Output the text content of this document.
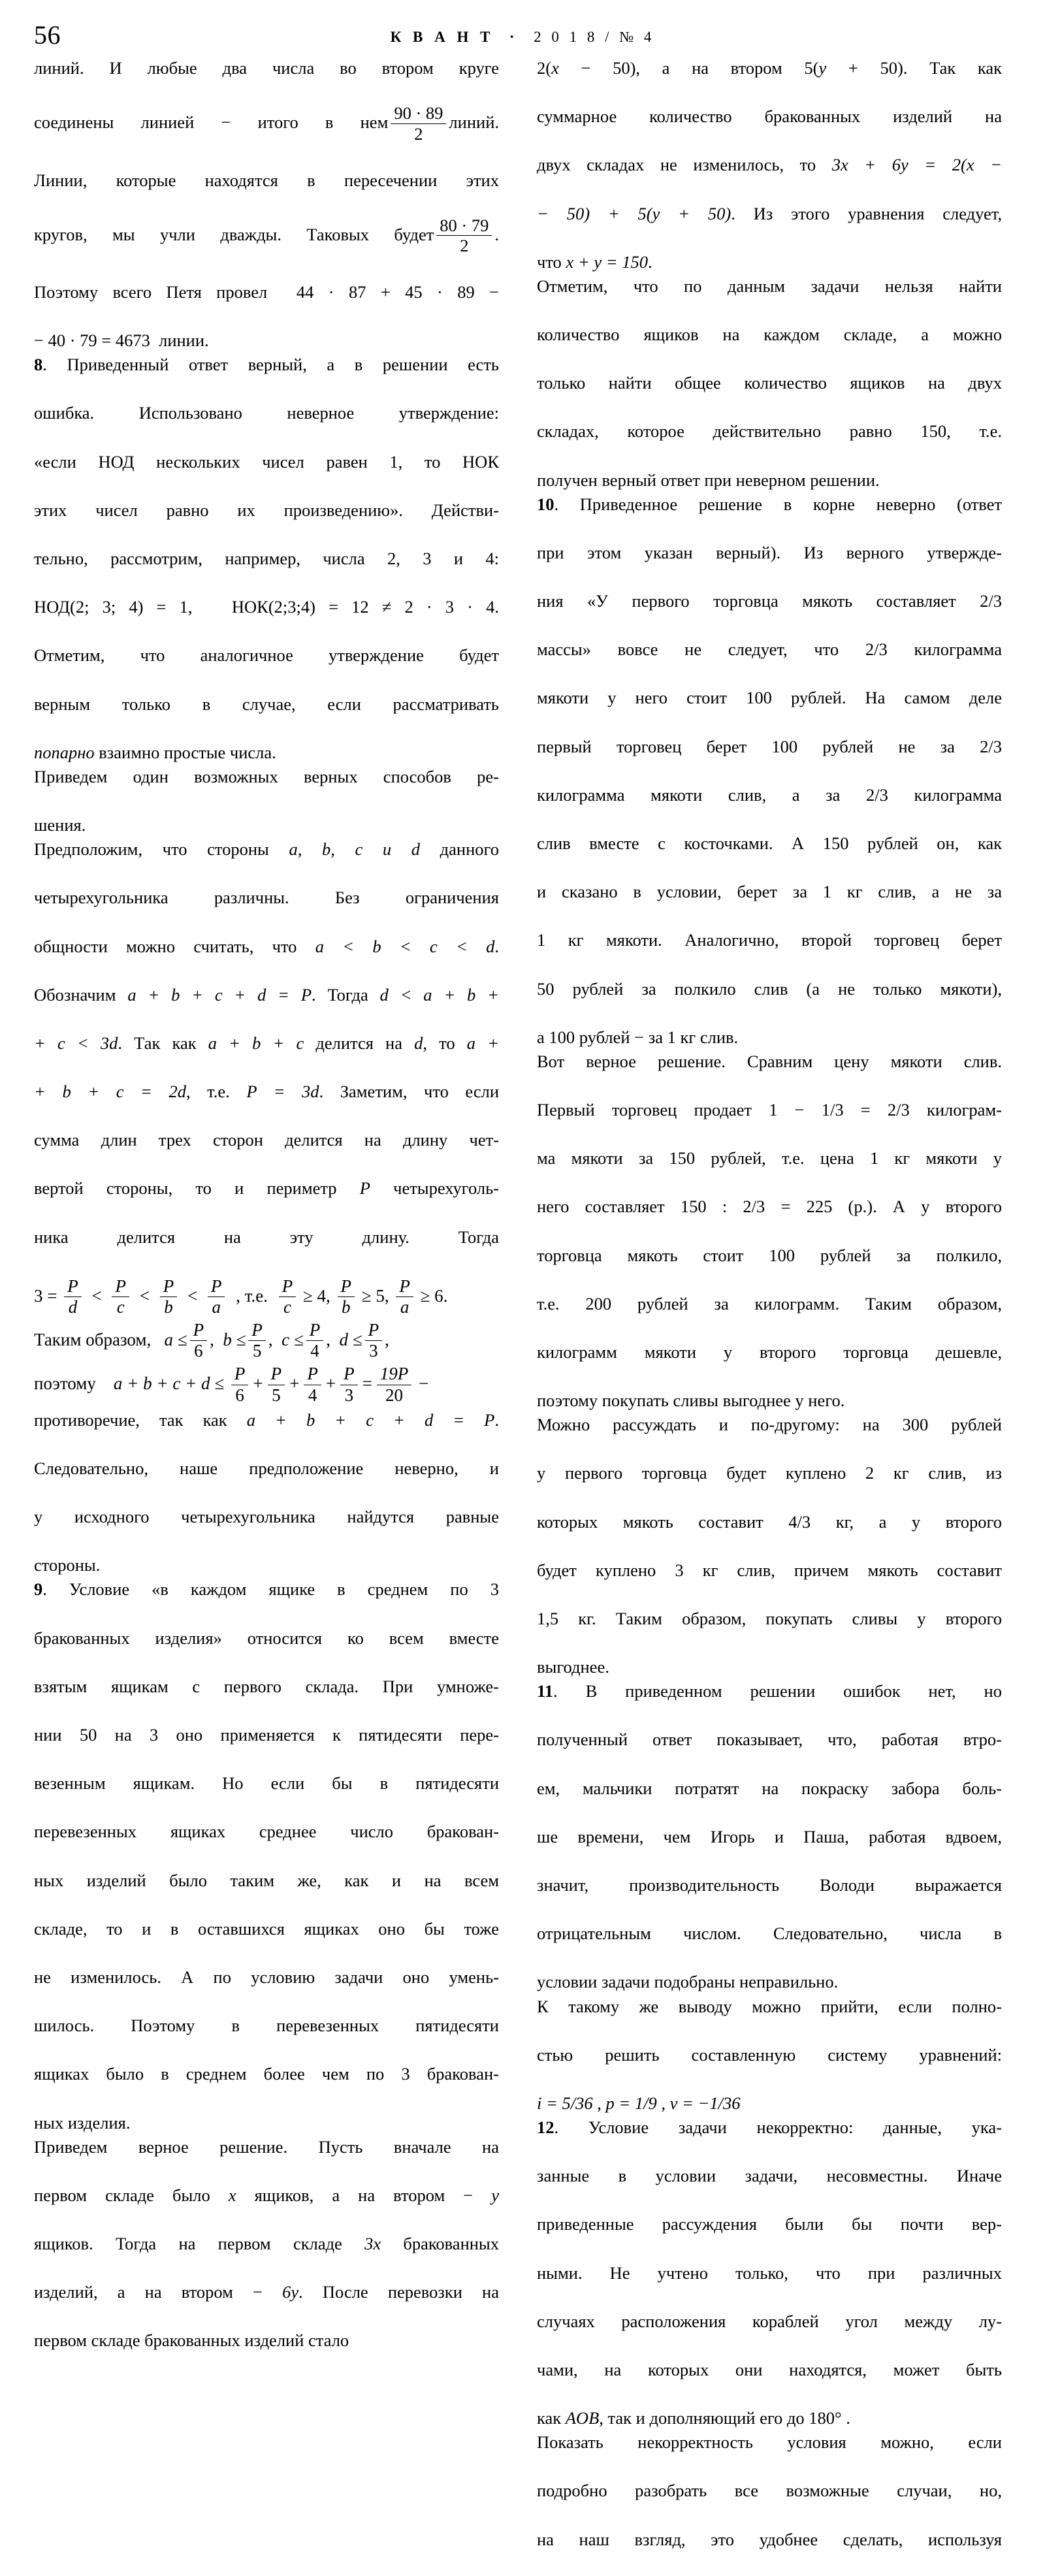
56	К В А Н Т  ·  2 0 1 8 / № 4

линий. И любые два числа во втором круге
соединены линией − итого в нем $\frac{90 \cdot 89}{2}$ линий.
Линии, которые находятся в пересечении этих
кругов, мы учли дважды. Таковых будет $\frac{80 \cdot 79}{2}$ .
Поэтому всего Петя провел 44 · 87 + 45 · 89 −
− 40 · 79 = 4673 линии.

8. Приведенный ответ верный, а в решении есть
ошибка. Использовано неверное утверждение:
«если НОД нескольких чисел равен 1, то НОК
этих чисел равно их произведению». Действи-
тельно, рассмотрим, например, числа 2, 3 и 4:
НОД(2; 3; 4) = 1, НОК(2;3;4) = 12 ≠ 2 · 3 · 4.
Отметим, что аналогичное утверждение будет
верным только в случае, если рассматривать
попарно взаимно простые числа.

Приведем один возможных верных способов ре-
шения.

Предположим, что стороны a, b, c и d данного
четырехугольника различны. Без ограничения
общности можно считать, что a < b < c < d.
Обозначим a + b + c + d = P. Тогда d < a + b +
+ c < 3d. Так как a + b + c делится на d, то a +
+ b + c = 2d, т.е. P = 3d. Заметим, что если
сумма длин трех сторон делится на длину чет-
вертой стороны, то и периметр P четырехуголь-
ника делится на эту длину. Тогда

$3 = \frac{P}{d} < \frac{P}{c} < \frac{P}{b} < \frac{P}{a}$ , т.е. $\frac{P}{c} \ge 4$, $\frac{P}{b} \ge 5$, $\frac{P}{a} \ge 6$.
Таким образом, $a \le \frac{P}{6}$ , $b \le \frac{P}{5}$ , $c \le \frac{P}{4}$ , $d \le \frac{P}{3}$ ,
поэтому $a + b + c + d \le \frac{P}{6} + \frac{P}{5} + \frac{P}{4} + \frac{P}{3} = \frac{19P}{20}$ −

противоречие, так как a + b + c + d = P.
Следовательно, наше предположение неверно, и
у исходного четырехугольника найдутся равные
стороны.

9. Условие «в каждом ящике в среднем по 3
бракованных изделия» относится ко всем вместе
взятым ящикам с первого склада. При умноже-
нии 50 на 3 оно применяется к пятидесяти пере-
везенным ящикам. Но если бы в пятидесяти
перевезенных ящиках среднее число бракован-
ных изделий было таким же, как и на всем
складе, то и в оставшихся ящиках оно бы тоже
не изменилось. А по условию задачи оно умень-
шилось. Поэтому в перевезенных пятидесяти
ящиках было в среднем более чем по 3 бракован-
ных изделия.

Приведем верное решение. Пусть вначале на
первом складе было x ящиков, а на втором − y
ящиков. Тогда на первом складе 3x бракованных
изделий, а на втором − 6y. После перевозки на
первом складе бракованных изделий стало

2(x − 50), а на втором 5(y + 50). Так как
суммарное количество бракованных изделий на
двух складах не изменилось, то 3x + 6y = 2(x −
− 50) + 5(y + 50). Из этого уравнения следует,
что x + y = 150.

Отметим, что по данным задачи нельзя найти
количество ящиков на каждом складе, а можно
только найти общее количество ящиков на двух
складах, которое действительно равно 150, т.е.
получен верный ответ при неверном решении.

10. Приведенное решение в корне неверно (ответ
при этом указан верный). Из верного утвержде-
ния «У первого торговца мякоть составляет 2/3
массы» вовсе не следует, что 2/3 килограмма
мякоти у него стоит 100 рублей. На самом деле
первый торговец берет 100 рублей не за 2/3
килограмма мякоти слив, а за 2/3 килограмма
слив вместе с косточками. А 150 рублей он, как
и сказано в условии, берет за 1 кг слив, а не за
1 кг мякоти. Аналогично, второй торговец берет
50 рублей за полкило слив (а не только мякоти),
а 100 рублей − за 1 кг слив.

Вот верное решение. Сравним цену мякоти слив.
Первый торговец продает 1 − 1/3 = 2/3 килограм-
ма мякоти за 150 рублей, т.е. цена 1 кг мякоти у
него составляет 150 : 2/3 = 225 (р.). А у второго
торговца мякоть стоит 100 рублей за полкило,
т.е. 200 рублей за килограмм. Таким образом,
килограмм мякоти у второго торговца дешевле,
поэтому покупать сливы выгоднее у него.

Можно рассуждать и по-другому: на 300 рублей
у первого торговца будет куплено 2 кг слив, из
которых мякоть составит 4/3 кг, а у второго
будет куплено 3 кг слив, причем мякоть составит
1,5 кг. Таким образом, покупать сливы у второго
выгоднее.

11. В приведенном решении ошибок нет, но
полученный ответ показывает, что, работая втро-
ем, мальчики потратят на покраску забора боль-
ше времени, чем Игорь и Паша, работая вдвоем,
значит, производительность Володи выражается
отрицательным числом. Следовательно, числа в
условии задачи подобраны неправильно.

К такому же выводу можно прийти, если полно-
стью решить составленную систему уравнений:
i = 5/36 , p = 1/9 , v = −1/36

12. Условие задачи некорректно: данные, ука-
занные в условии задачи, несовместны. Иначе
приведенные рассуждения были бы почти вер-
ными. Не учтено только, что при различных
случаях расположения кораблей угол между лу-
чами, на которых они находятся, может быть
как AOB, так и дополняющий его до 180° .

Показать некорректность условия можно, если
подробно разобрать все возможные случаи, но,
на наш взгляд, это удобнее сделать, используя
